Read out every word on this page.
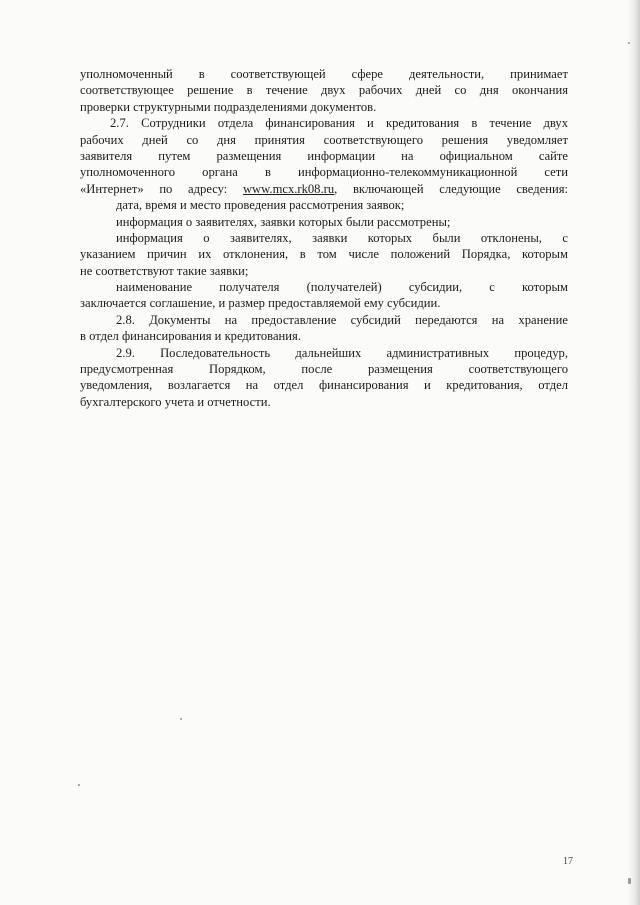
уполномоченный в соответствующей сфере деятельности, принимает
соответствующее решение в течение двух рабочих дней со дня окончания
проверки структурными подразделениями документов.
2.7. Сотрудники отдела финансирования и кредитования в течение двух
рабочих дней со дня принятия соответствующего решения уведомляет
заявителя путем размещения информации на официальном сайте
уполномоченного органа в информационно-телекоммуникационной сети
«Интернет» по адресу: www.mcx.rk08.ru, включающей следующие сведения:
дата, время и место проведения рассмотрения заявок;
информация о заявителях, заявки которых были рассмотрены;
информация о заявителях, заявки которых были отклонены, с
указанием причин их отклонения, в том числе положений Порядка, которым
не соответствуют такие заявки;
наименование получателя (получателей) субсидии, с которым
заключается соглашение, и размер предоставляемой ему субсидии.
2.8. Документы на предоставление субсидий передаются на хранение
в отдел финансирования и кредитования.
2.9. Последовательность дальнейших административных процедур,
предусмотренная Порядком, после размещения соответствующего
уведомления, возлагается на отдел финансирования и кредитования, отдел
бухгалтерского учета и отчетности.
17
